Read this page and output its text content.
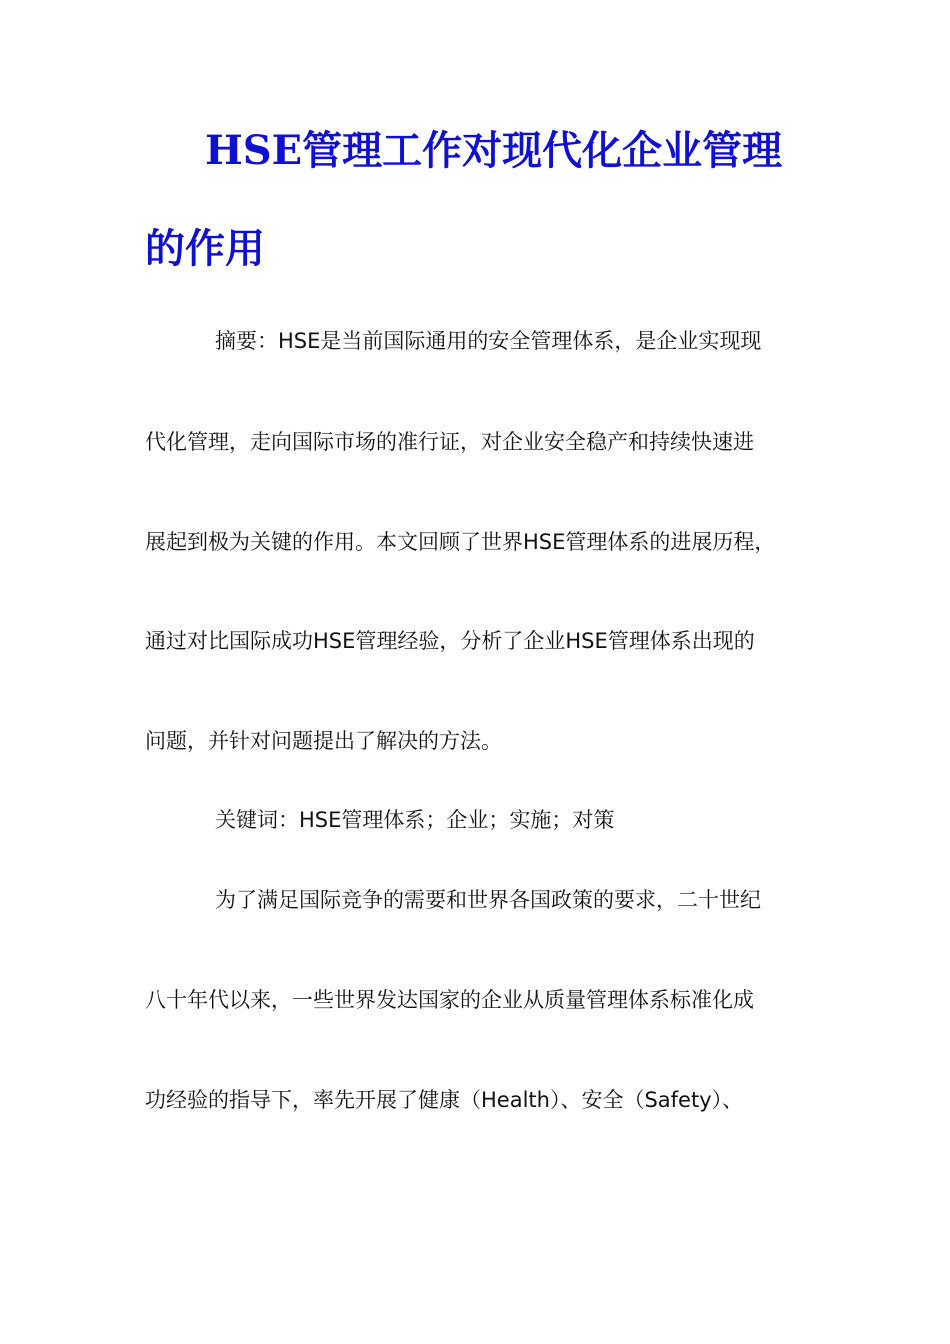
HSE管理工作对现代化企业管理
的作用
摘要：HSE是当前国际通用的安全管理体系，是企业实现现
代化管理，走向国际市场的准行证，对企业安全稳产和持续快速进
展起到极为关键的作用。本文回顾了世界HSE管理体系的进展历程，
通过对比国际成功HSE管理经验，分析了企业HSE管理体系出现的
问题，并针对问题提出了解决的方法。
关键词：HSE管理体系；企业；实施；对策
为了满足国际竞争的需要和世界各国政策的要求，二十世纪
八十年代以来，一些世界发达国家的企业从质量管理体系标准化成
功经验的指导下，率先开展了健康（Health）、安全（Safety）、
